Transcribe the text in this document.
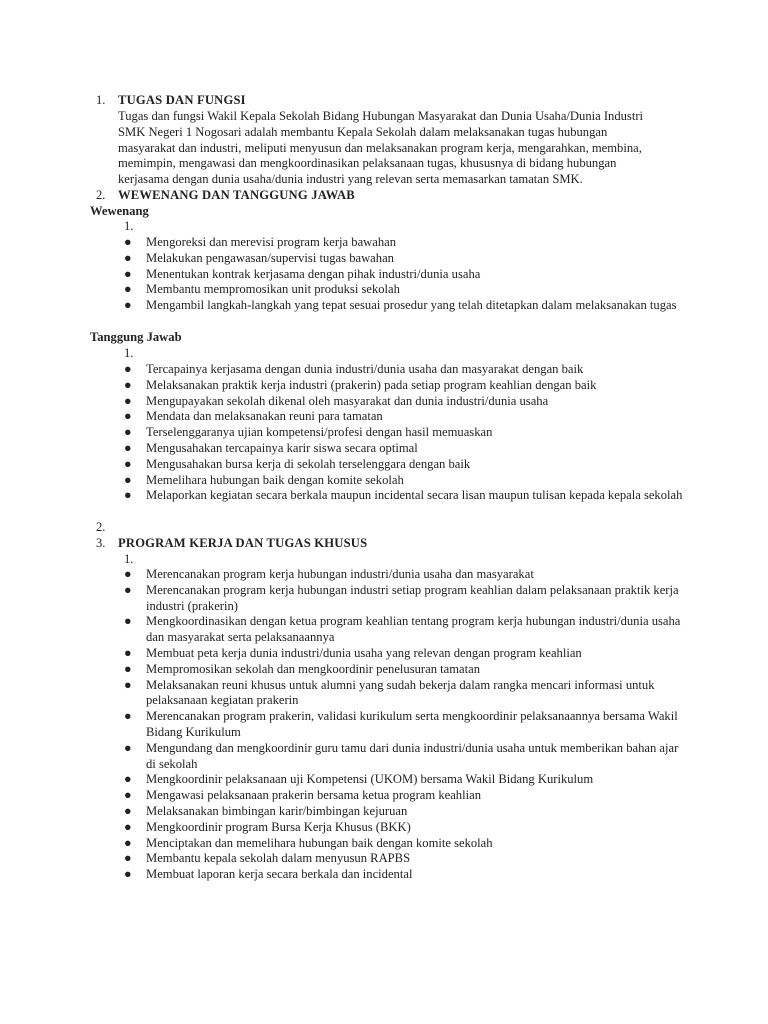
1. TUGAS DAN FUNGSI
Tugas dan fungsi Wakil Kepala Sekolah Bidang Hubungan Masyarakat dan Dunia Usaha/Dunia Industri
SMK Negeri 1 Nogosari adalah membantu Kepala Sekolah dalam melaksanakan tugas hubungan
masyarakat dan industri, meliputi menyusun dan melaksanakan program kerja, mengarahkan, membina,
memimpin, mengawasi dan mengkoordinasikan pelaksanaan tugas, khususnya di bidang hubungan
kerjasama dengan dunia usaha/dunia industri yang relevan serta memasarkan tamatan SMK.
2. WEWENANG DAN TANGGUNG JAWAB
Wewenang
1.
● Mengoreksi dan merevisi program kerja bawahan
● Melakukan pengawasan/supervisi tugas bawahan
● Menentukan kontrak kerjasama dengan pihak industri/dunia usaha
● Membantu mempromosikan unit produksi sekolah
● Mengambil langkah-langkah yang tepat sesuai prosedur yang telah ditetapkan dalam melaksanakan tugas
Tanggung Jawab
1.
● Tercapainya kerjasama dengan dunia industri/dunia usaha dan masyarakat dengan baik
● Melaksanakan praktik kerja industri (prakerin) pada setiap program keahlian dengan baik
● Mengupayakan sekolah dikenal oleh masyarakat dan dunia industri/dunia usaha
● Mendata dan melaksanakan reuni para tamatan
● Terselenggaranya ujian kompetensi/profesi dengan hasil memuaskan
● Mengusahakan tercapainya karir siswa secara optimal
● Mengusahakan bursa kerja di sekolah terselenggara dengan baik
● Memelihara hubungan baik dengan komite sekolah
● Melaporkan kegiatan secara berkala maupun incidental secara lisan maupun tulisan kepada kepala sekolah
2.
3. PROGRAM KERJA DAN TUGAS KHUSUS
1.
● Merencanakan program kerja hubungan industri/dunia usaha dan masyarakat
● Merencanakan program kerja hubungan industri setiap program keahlian dalam pelaksanaan praktik kerja industri (prakerin)
● Mengkoordinasikan dengan ketua program keahlian tentang program kerja hubungan industri/dunia usaha dan masyarakat serta pelaksanaannya
● Membuat peta kerja dunia industri/dunia usaha yang relevan dengan program keahlian
● Mempromosikan sekolah dan mengkoordinir penelusuran tamatan
● Melaksanakan reuni khusus untuk alumni yang sudah bekerja dalam rangka mencari informasi untuk pelaksanaan kegiatan prakerin
● Merencanakan program prakerin, validasi kurikulum serta mengkoordinir pelaksanaannya bersama Wakil Bidang Kurikulum
● Mengundang dan mengkoordinir guru tamu dari dunia industri/dunia usaha untuk memberikan bahan ajar di sekolah
● Mengkoordinir pelaksanaan uji Kompetensi (UKOM) bersama Wakil Bidang Kurikulum
● Mengawasi pelaksanaan prakerin bersama ketua program keahlian
● Melaksanakan bimbingan karir/bimbingan kejuruan
● Mengkoordinir program Bursa Kerja Khusus (BKK)
● Menciptakan dan memelihara hubungan baik dengan komite sekolah
● Membantu kepala sekolah dalam menyusun RAPBS
● Membuat laporan kerja secara berkala dan incidental
